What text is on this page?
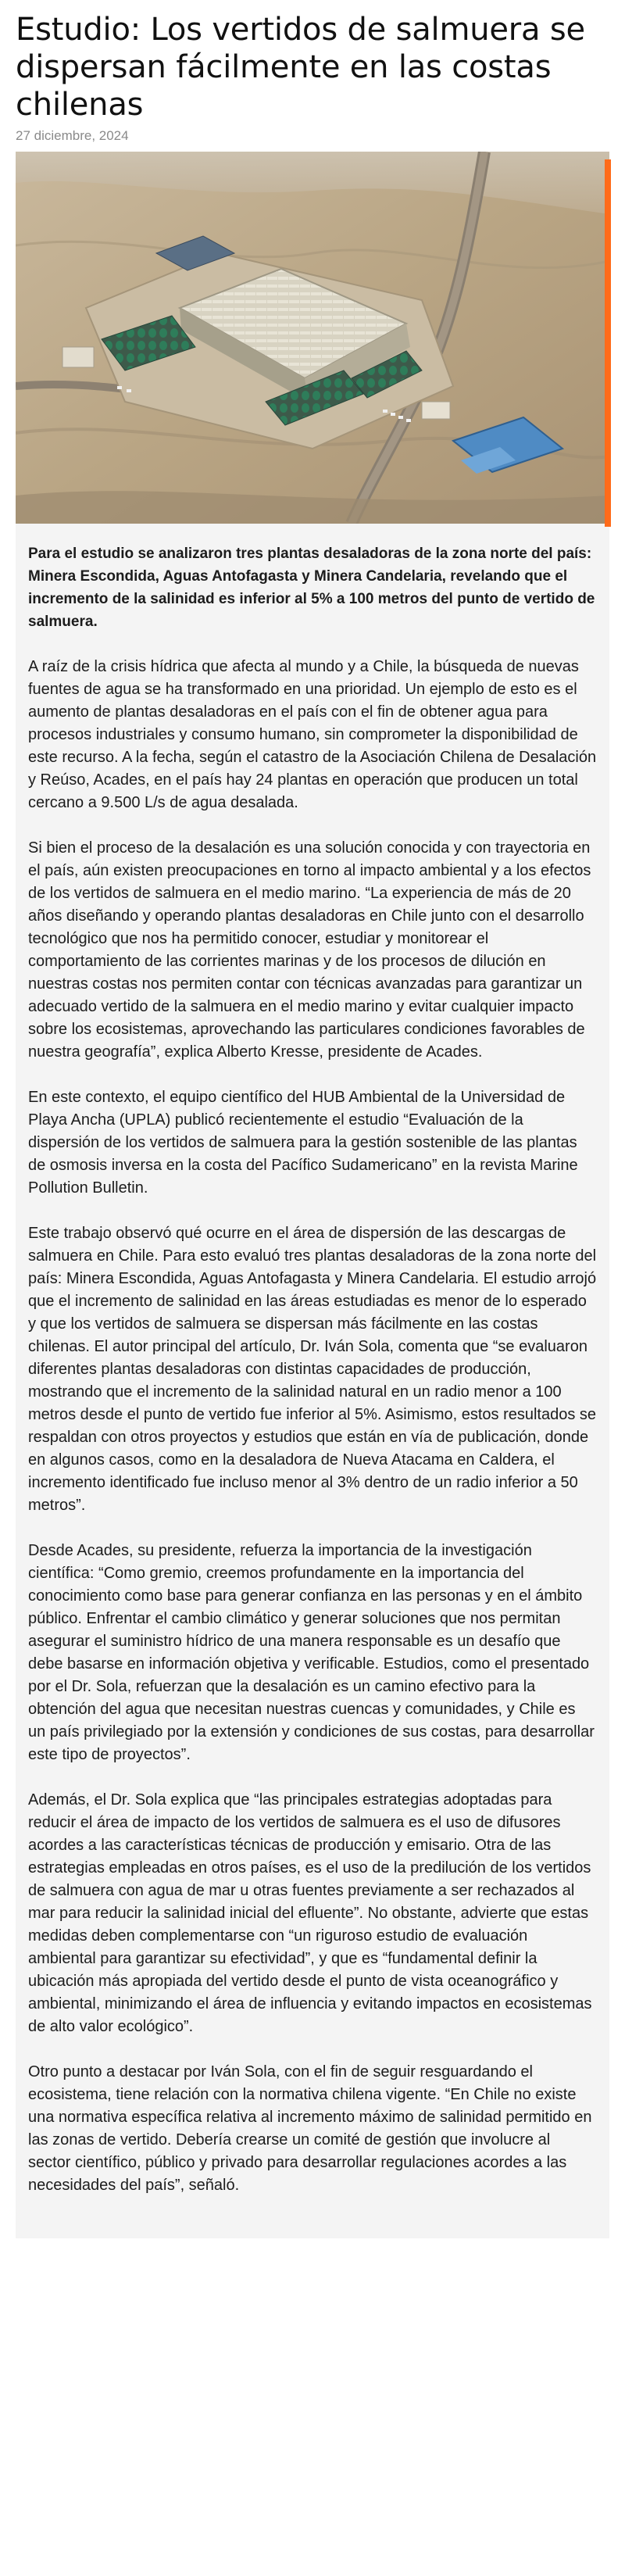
Estudio: Los vertidos de salmuera se dispersan fácilmente en las costas chilenas
27 diciembre, 2024

Para el estudio se analizaron tres plantas desaladoras de la zona norte del país: Minera Escondida, Aguas Antofagasta y Minera Candelaria, revelando que el incremento de la salinidad es inferior al 5% a 100 metros del punto de vertido de salmuera.

A raíz de la crisis hídrica que afecta al mundo y a Chile, la búsqueda de nuevas fuentes de agua se ha transformado en una prioridad. Un ejemplo de esto es el aumento de plantas desaladoras en el país con el fin de obtener agua para procesos industriales y consumo humano, sin comprometer la disponibilidad de este recurso. A la fecha, según el catastro de la Asociación Chilena de Desalación y Reúso, Acades, en el país hay 24 plantas en operación que producen un total cercano a 9.500 L/s de agua desalada.

Si bien el proceso de la desalación es una solución conocida y con trayectoria en el país, aún existen preocupaciones en torno al impacto ambiental y a los efectos de los vertidos de salmuera en el medio marino. “La experiencia de más de 20 años diseñando y operando plantas desaladoras en Chile junto con el desarrollo tecnológico que nos ha permitido conocer, estudiar y monitorear el comportamiento de las corrientes marinas y de los procesos de dilución en nuestras costas nos permiten contar con técnicas avanzadas para garantizar un adecuado vertido de la salmuera en el medio marino y evitar cualquier impacto sobre los ecosistemas, aprovechando las particulares condiciones favorables de nuestra geografía”, explica Alberto Kresse, presidente de Acades.

En este contexto, el equipo científico del HUB Ambiental de la Universidad de Playa Ancha (UPLA) publicó recientemente el estudio “Evaluación de la dispersión de los vertidos de salmuera para la gestión sostenible de las plantas de osmosis inversa en la costa del Pacífico Sudamericano” en la revista Marine Pollution Bulletin.

Este trabajo observó qué ocurre en el área de dispersión de las descargas de salmuera en Chile. Para esto evaluó tres plantas desaladoras de la zona norte del país: Minera Escondida, Aguas Antofagasta y Minera Candelaria. El estudio arrojó que el incremento de salinidad en las áreas estudiadas es menor de lo esperado y que los vertidos de salmuera se dispersan más fácilmente en las costas chilenas. El autor principal del artículo, Dr. Iván Sola, comenta que “se evaluaron diferentes plantas desaladoras con distintas capacidades de producción, mostrando que el incremento de la salinidad natural en un radio menor a 100 metros desde el punto de vertido fue inferior al 5%. Asimismo, estos resultados se respaldan con otros proyectos y estudios que están en vía de publicación, donde en algunos casos, como en la desaladora de Nueva Atacama en Caldera, el incremento identificado fue incluso menor al 3% dentro de un radio inferior a 50 metros”.

Desde Acades, su presidente, refuerza la importancia de la investigación científica: “Como gremio, creemos profundamente en la importancia del conocimiento como base para generar confianza en las personas y en el ámbito público. Enfrentar el cambio climático y generar soluciones que nos permitan asegurar el suministro hídrico de una manera responsable es un desafío que debe basarse en información objetiva y verificable. Estudios, como el presentado por el Dr. Sola, refuerzan que la desalación es un camino efectivo para la obtención del agua que necesitan nuestras cuencas y comunidades, y Chile es un país privilegiado por la extensión y condiciones de sus costas, para desarrollar este tipo de proyectos”.

Además, el Dr. Sola explica que “las principales estrategias adoptadas para reducir el área de impacto de los vertidos de salmuera es el uso de difusores acordes a las características técnicas de producción y emisario. Otra de las estrategias empleadas en otros países, es el uso de la predilución de los vertidos de salmuera con agua de mar u otras fuentes previamente a ser rechazados al mar para reducir la salinidad inicial del efluente”. No obstante, advierte que estas medidas deben complementarse con “un riguroso estudio de evaluación ambiental para garantizar su efectividad”, y que es “fundamental definir la ubicación más apropiada del vertido desde el punto de vista oceanográfico y ambiental, minimizando el área de influencia y evitando impactos en ecosistemas de alto valor ecológico”.

Otro punto a destacar por Iván Sola, con el fin de seguir resguardando el ecosistema, tiene relación con la normativa chilena vigente. “En Chile no existe una normativa específica relativa al incremento máximo de salinidad permitido en las zonas de vertido. Debería crearse un comité de gestión que involucre al sector científico, público y privado para desarrollar regulaciones acordes a las necesidades del país”, señaló.
